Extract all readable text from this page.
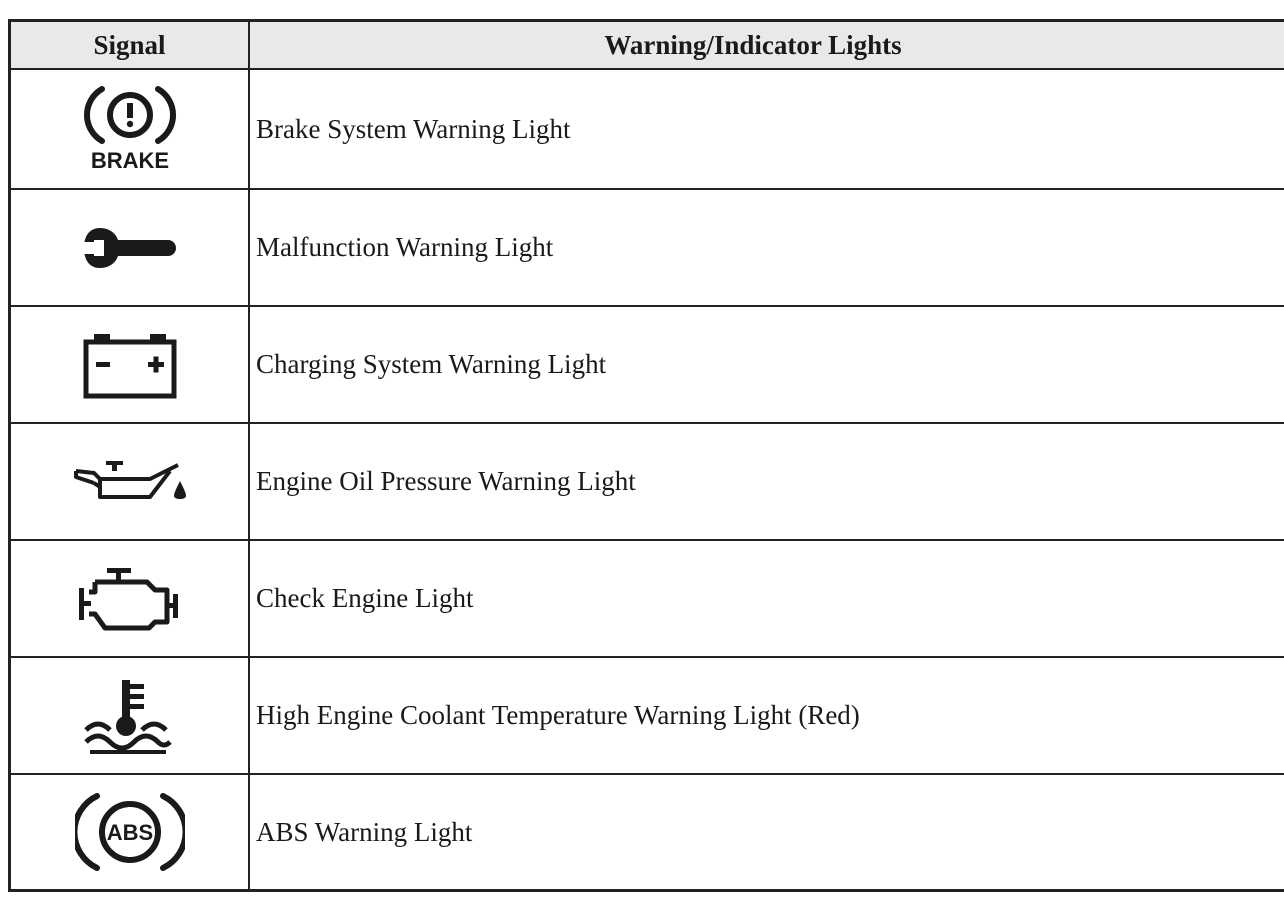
Signal	Warning/Indicator Lights
BRAKE
Brake System Warning Light
Malfunction Warning Light
Charging System Warning Light
Engine Oil Pressure Warning Light
Check Engine Light
High Engine Coolant Temperature Warning Light (Red)
ABS	ABS Warning Light
